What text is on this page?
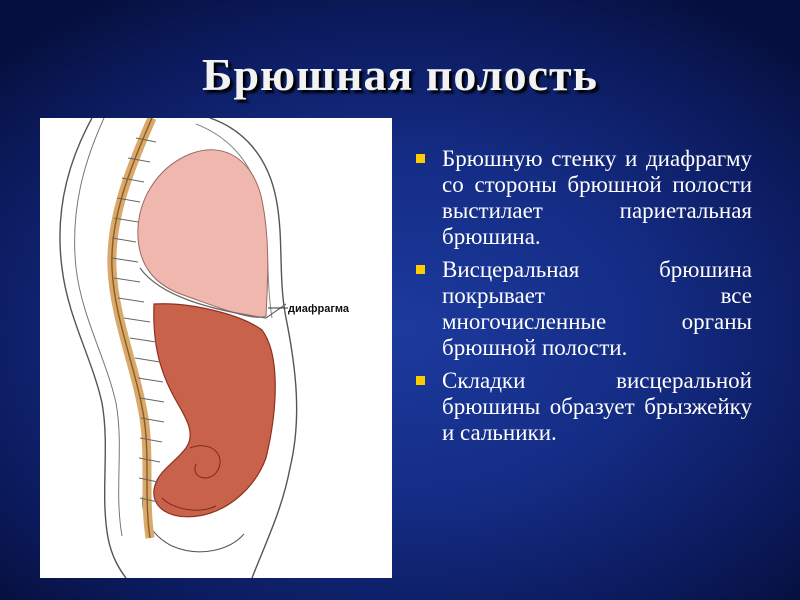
Брюшная полость
диафрагма
Брюшную стенку и диафрагму со стороны брюшной полости выстилает париетальная брюшина.
Висцеральная брюшина покрывает все многочисленные органы брюшной полости.
Складки висцеральной брюшины образует брызжейку и сальники.
